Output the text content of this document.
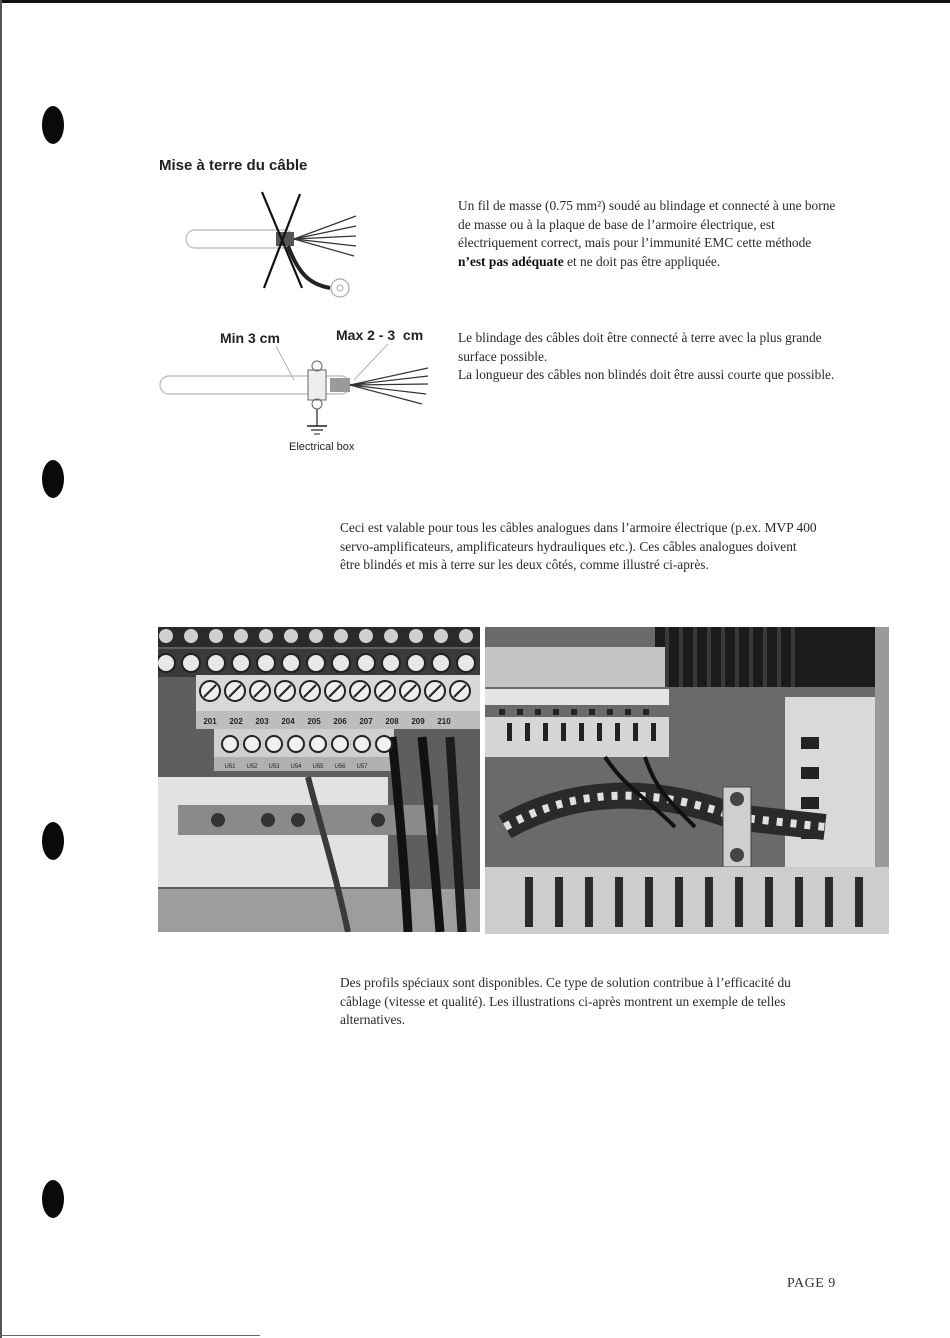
Mise à terre du câble
Un fil de masse (0.75 mm²) soudé au blindage et connecté à une borne de masse ou à la plaque de base de l’armoire électrique, est électriquement correct, mais pour l’immunité EMC cette méthode n’est pas adéquate et ne doit pas être appliquée.
Min 3 cm	Max 2 - 3  cm
Electrical box
Le blindage des câbles doit être connecté à terre avec la plus grande surface possible.
La longueur des câbles non blindés doit être aussi courte que possible.
Ceci est valable pour tous les câbles analogues dans l’armoire électrique (p.ex. MVP 400 servo-amplificateurs, amplificateurs hydrauliques etc.). Ces câbles analogues doivent être blindés et mis à terre sur les deux côtés, comme illustré ci-après.
201 202 203 204 205 206 207 208 209 210
U51 U52 U53 U54 U55 U56 U57
Des profils spéciaux sont disponibles. Ce type de solution contribue à l’efficacité du câblage (vitesse et qualité). Les illustrations ci-après montrent un exemple de telles alternatives.
PAGE 9
